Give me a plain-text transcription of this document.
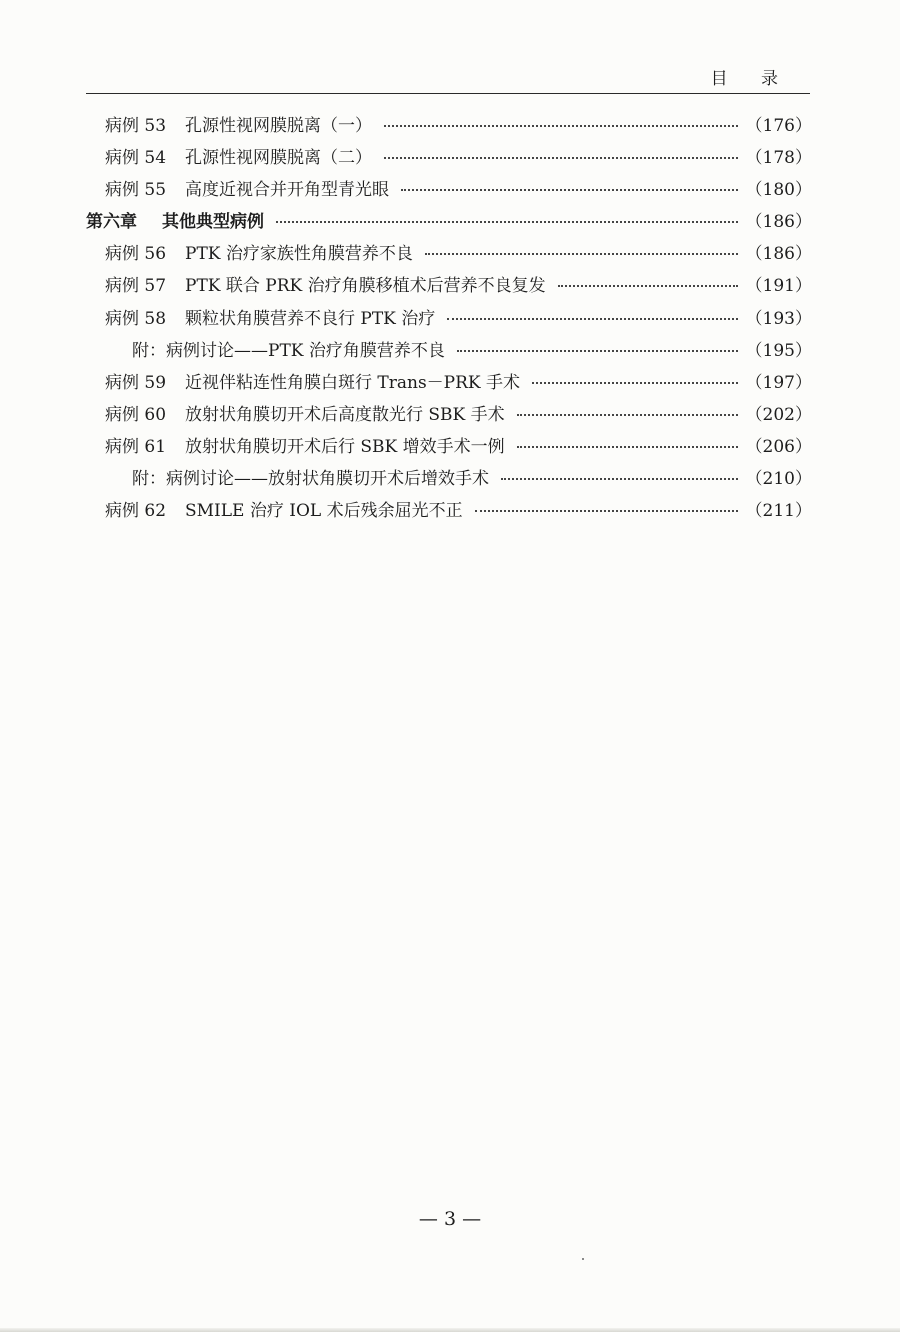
目 录
病例 53	孔源性视网膜脱离（一）	（176）
病例 54	孔源性视网膜脱离（二）	（178）
病例 55	高度近视合并开角型青光眼	（180）
第六章	其他典型病例	（186）
病例 56	PTK 治疗家族性角膜营养不良	（186）
病例 57	PTK 联合 PRK 治疗角膜移植术后营养不良复发	（191）
病例 58	颗粒状角膜营养不良行 PTK 治疗	（193）
附：病例讨论——PTK 治疗角膜营养不良	（195）
病例 59	近视伴粘连性角膜白斑行 Trans－PRK 手术	（197）
病例 60	放射状角膜切开术后高度散光行 SBK 手术	（202）
病例 61	放射状角膜切开术后行 SBK 增效手术一例	（206）
附：病例讨论——放射状角膜切开术后增效手术	（210）
病例 62	SMILE 治疗 IOL 术后残余屈光不正	（211）
— 3 —
